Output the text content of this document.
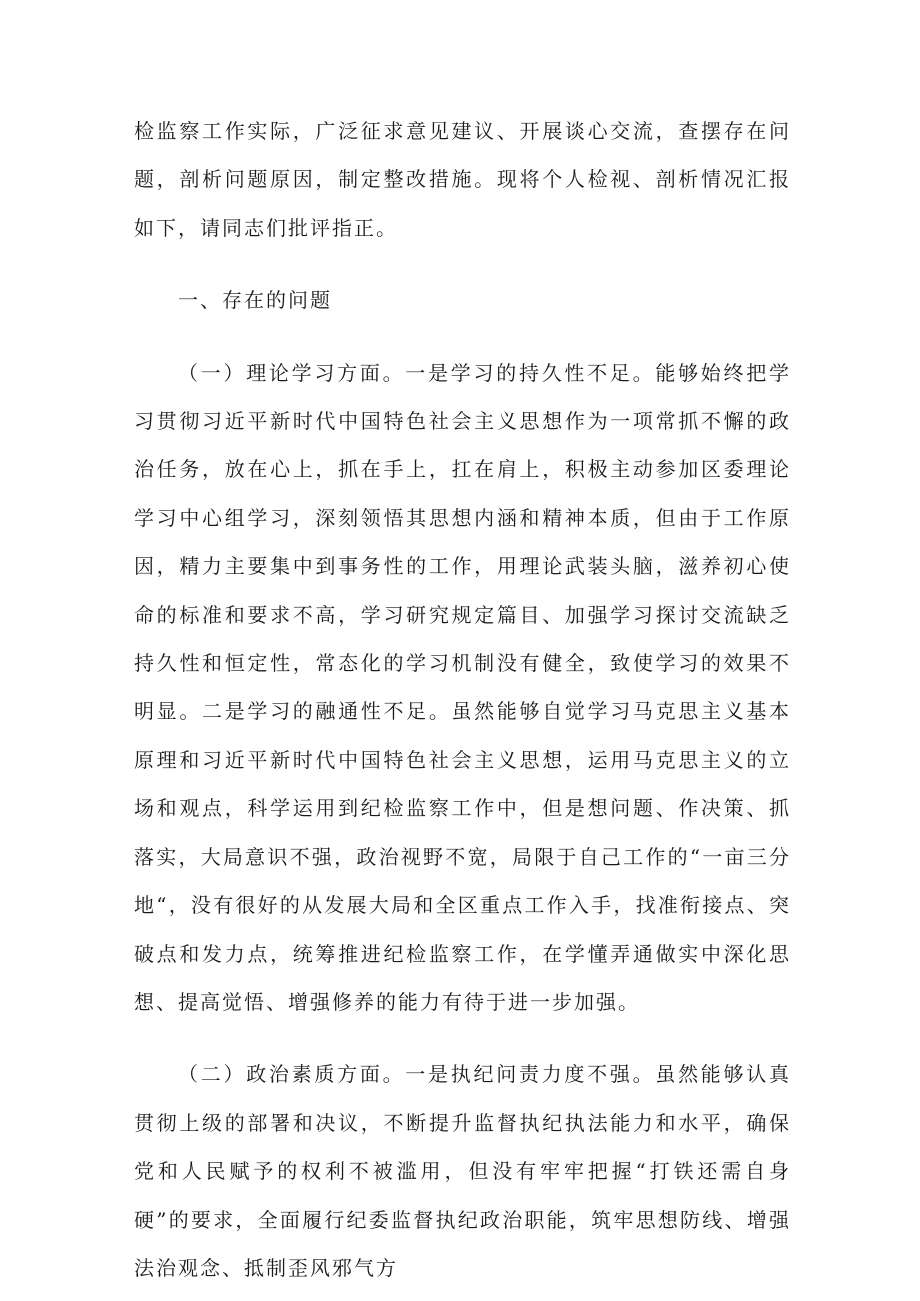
检监察工作实际，广泛征求意见建议、开展谈心交流，查摆存在问题，剖析问题原因，制定整改措施。现将个人检视、剖析情况汇报如下，请同志们批评指正。

一、存在的问题

（一）理论学习方面。一是学习的持久性不足。能够始终把学习贯彻习近平新时代中国特色社会主义思想作为一项常抓不懈的政治任务，放在心上，抓在手上，扛在肩上，积极主动参加区委理论学习中心组学习，深刻领悟其思想内涵和精神本质，但由于工作原因，精力主要集中到事务性的工作，用理论武装头脑，滋养初心使命的标准和要求不高，学习研究规定篇目、加强学习探讨交流缺乏持久性和恒定性，常态化的学习机制没有健全，致使学习的效果不明显。二是学习的融通性不足。虽然能够自觉学习马克思主义基本原理和习近平新时代中国特色社会主义思想，运用马克思主义的立场和观点，科学运用到纪检监察工作中，但是想问题、作决策、抓落实，大局意识不强，政治视野不宽，局限于自己工作的“一亩三分地“，没有很好的从发展大局和全区重点工作入手，找准衔接点、突破点和发力点，统筹推进纪检监察工作，在学懂弄通做实中深化思想、提高觉悟、增强修养的能力有待于进一步加强。

（二）政治素质方面。一是执纪问责力度不强。虽然能够认真贯彻上级的部署和决议，不断提升监督执纪执法能力和水平，确保党和人民赋予的权利不被滥用，但没有牢牢把握“打铁还需自身硬”的要求，全面履行纪委监督执纪政治职能，筑牢思想防线、增强法治观念、抵制歪风邪气方
